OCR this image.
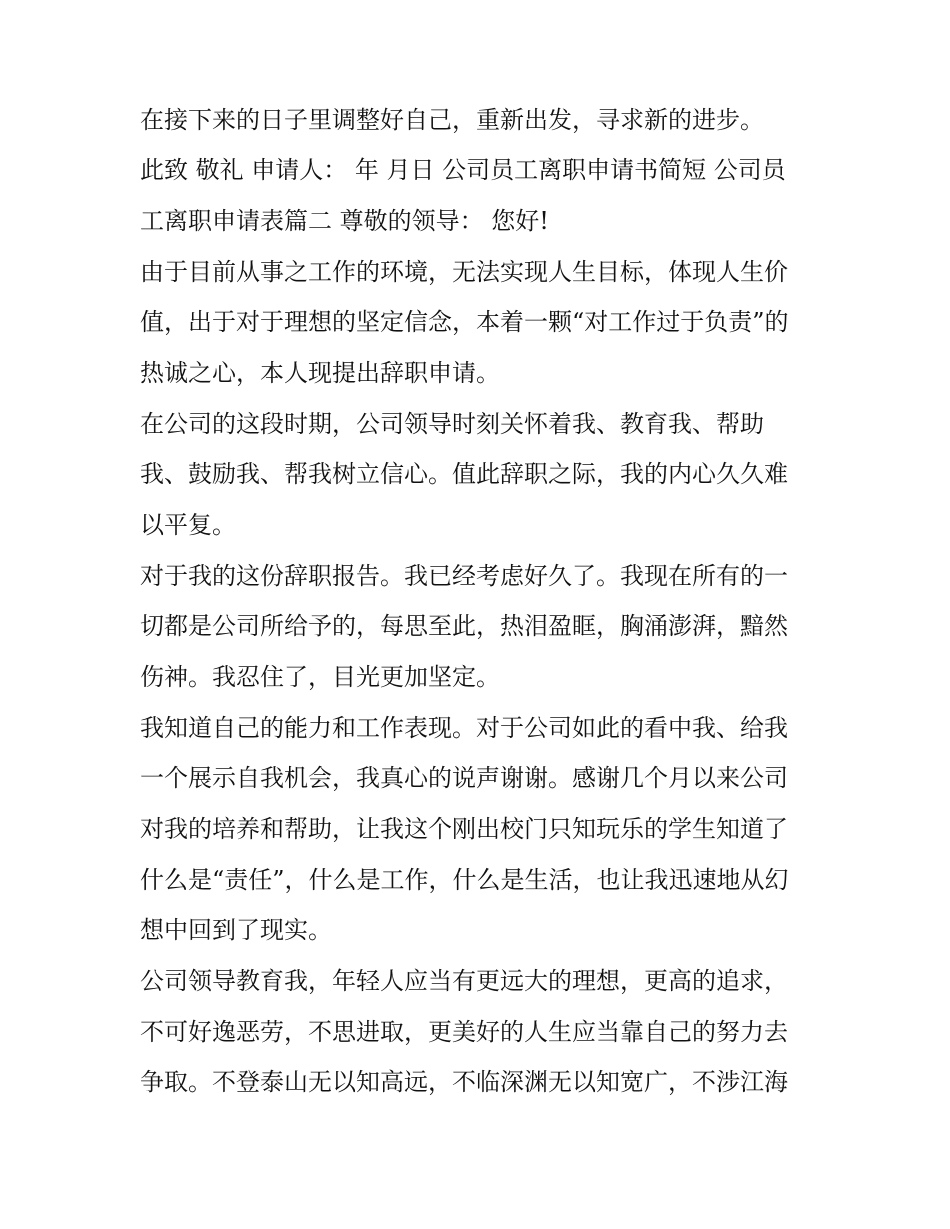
在接下来的日子里调整好自己，重新出发，寻求新的进步。
此致 敬礼 申请人： 年 月日 公司员工离职申请书简短 公司员
工离职申请表篇二 尊敬的领导： 您好!
由于目前从事之工作的环境，无法实现人生目标，体现人生价
值，出于对于理想的坚定信念，本着一颗“对工作过于负责”的
热诚之心，本人现提出辞职申请。
在公司的这段时期，公司领导时刻关怀着我、教育我、帮助
我、鼓励我、帮我树立信心。值此辞职之际，我的内心久久难
以平复。
对于我的这份辞职报告。我已经考虑好久了。我现在所有的一
切都是公司所给予的，每思至此，热泪盈眶，胸涌澎湃，黯然
伤神。我忍住了，目光更加坚定。
我知道自己的能力和工作表现。对于公司如此的看中我、给我
一个展示自我机会，我真心的说声谢谢。感谢几个月以来公司
对我的培养和帮助，让我这个刚出校门只知玩乐的学生知道了
什么是“责任”，什么是工作，什么是生活，也让我迅速地从幻
想中回到了现实。
公司领导教育我，年轻人应当有更远大的理想，更高的追求，
不可好逸恶劳，不思进取，更美好的人生应当靠自己的努力去
争取。不登泰山无以知高远，不临深渊无以知宽广，不涉江海
